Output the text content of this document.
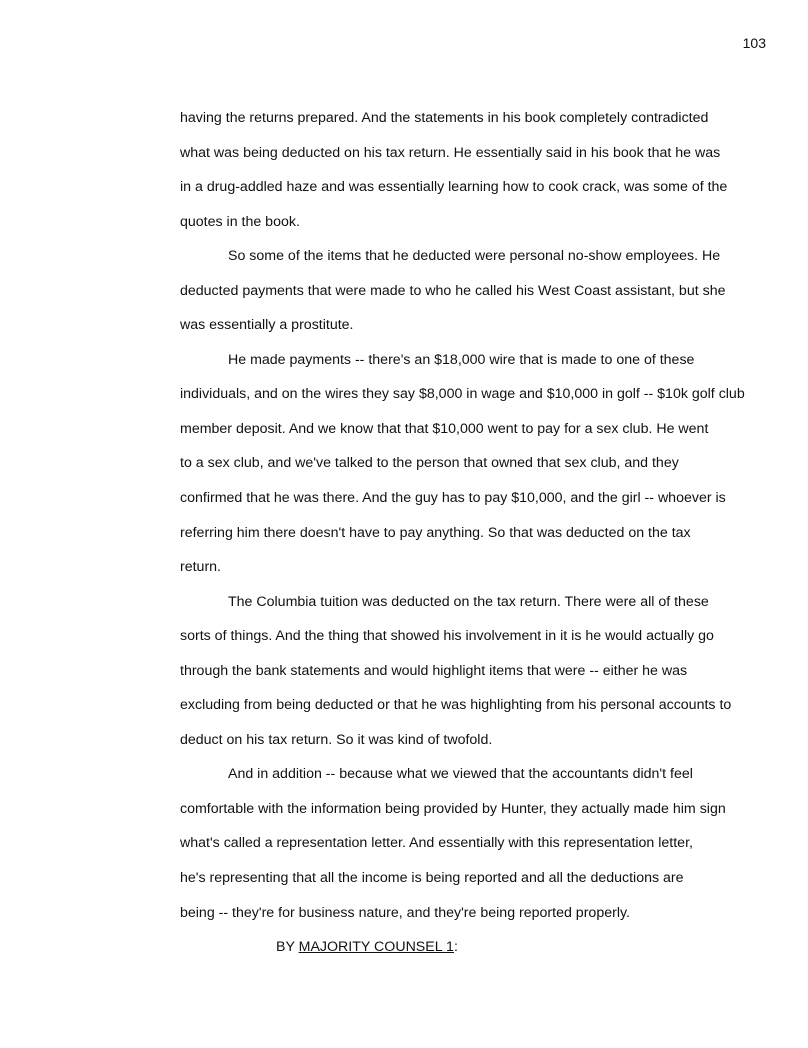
103
having the returns prepared. And the statements in his book completely contradicted
what was being deducted on his tax return. He essentially said in his book that he was
in a drug-addled haze and was essentially learning how to cook crack, was some of the
quotes in the book.
So some of the items that he deducted were personal no-show employees. He
deducted payments that were made to who he called his West Coast assistant, but she
was essentially a prostitute.
He made payments -- there's an $18,000 wire that is made to one of these
individuals, and on the wires they say $8,000 in wage and $10,000 in golf -- $10k golf club
member deposit. And we know that that $10,000 went to pay for a sex club. He went
to a sex club, and we've talked to the person that owned that sex club, and they
confirmed that he was there. And the guy has to pay $10,000, and the girl -- whoever is
referring him there doesn't have to pay anything. So that was deducted on the tax
return.
The Columbia tuition was deducted on the tax return. There were all of these
sorts of things. And the thing that showed his involvement in it is he would actually go
through the bank statements and would highlight items that were -- either he was
excluding from being deducted or that he was highlighting from his personal accounts to
deduct on his tax return. So it was kind of twofold.
And in addition -- because what we viewed that the accountants didn't feel
comfortable with the information being provided by Hunter, they actually made him sign
what's called a representation letter. And essentially with this representation letter,
he's representing that all the income is being reported and all the deductions are
being -- they're for business nature, and they're being reported properly.
BY MAJORITY COUNSEL 1:
